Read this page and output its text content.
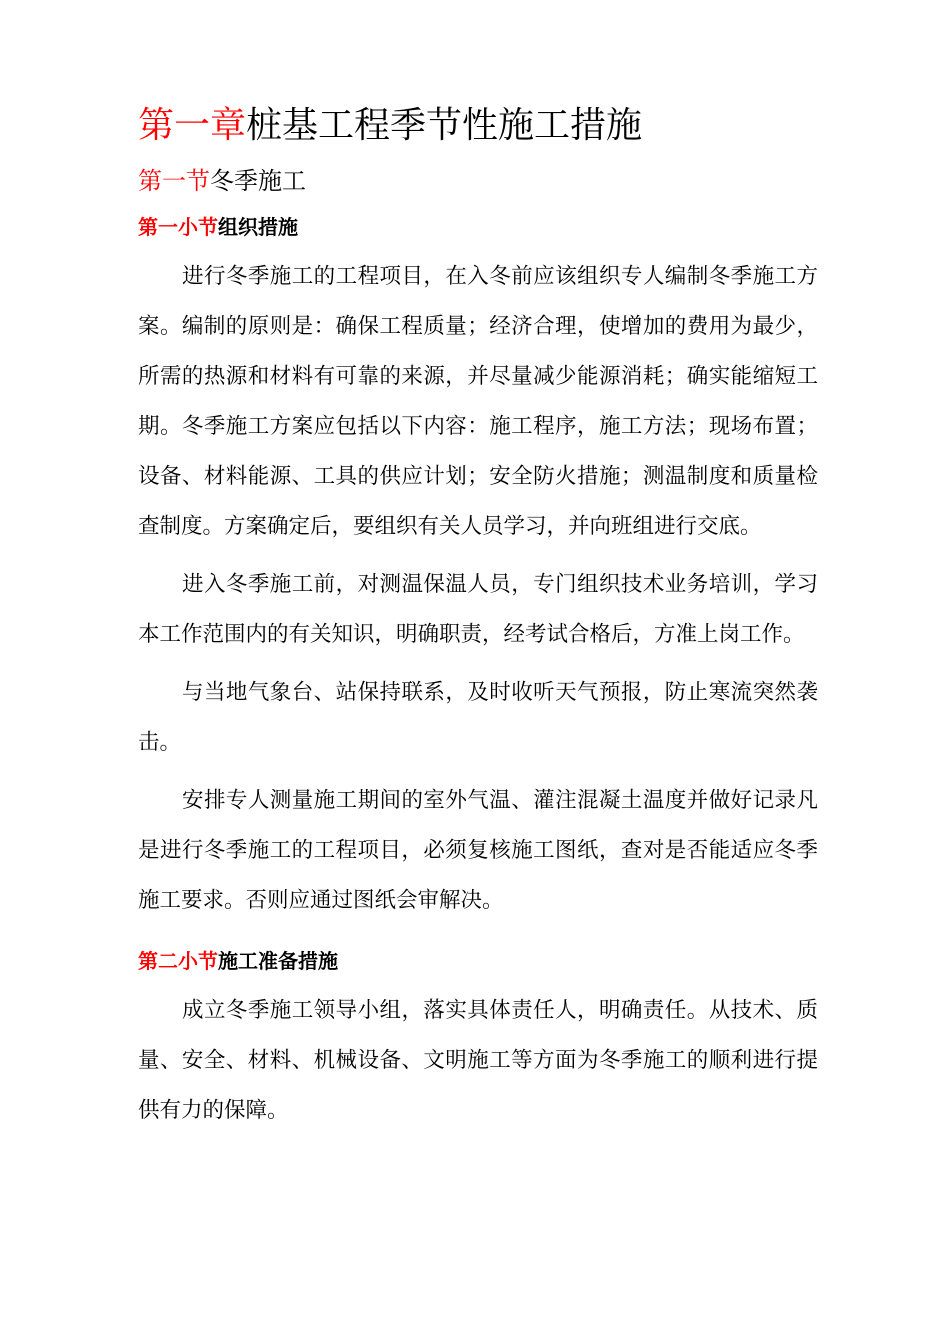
第一章桩基工程季节性施工措施
第一节冬季施工
第一小节组织措施

进行冬季施工的工程项目，在入冬前应该组织专人编制冬季施工方案。编制的原则是：确保工程质量；经济合理，使增加的费用为最少，所需的热源和材料有可靠的来源，并尽量减少能源消耗；确实能缩短工期。冬季施工方案应包括以下内容：施工程序，施工方法；现场布置；设备、材料能源、工具的供应计划；安全防火措施；测温制度和质量检查制度。方案确定后，要组织有关人员学习，并向班组进行交底。

进入冬季施工前，对测温保温人员，专门组织技术业务培训，学习本工作范围内的有关知识，明确职责，经考试合格后，方准上岗工作。

与当地气象台、站保持联系，及时收听天气预报，防止寒流突然袭击。

安排专人测量施工期间的室外气温、灌注混凝土温度并做好记录凡是进行冬季施工的工程项目，必须复核施工图纸，查对是否能适应冬季施工要求。否则应通过图纸会审解决。

第二小节施工准备措施

成立冬季施工领导小组，落实具体责任人，明确责任。从技术、质量、安全、材料、机械设备、文明施工等方面为冬季施工的顺利进行提供有力的保障。
